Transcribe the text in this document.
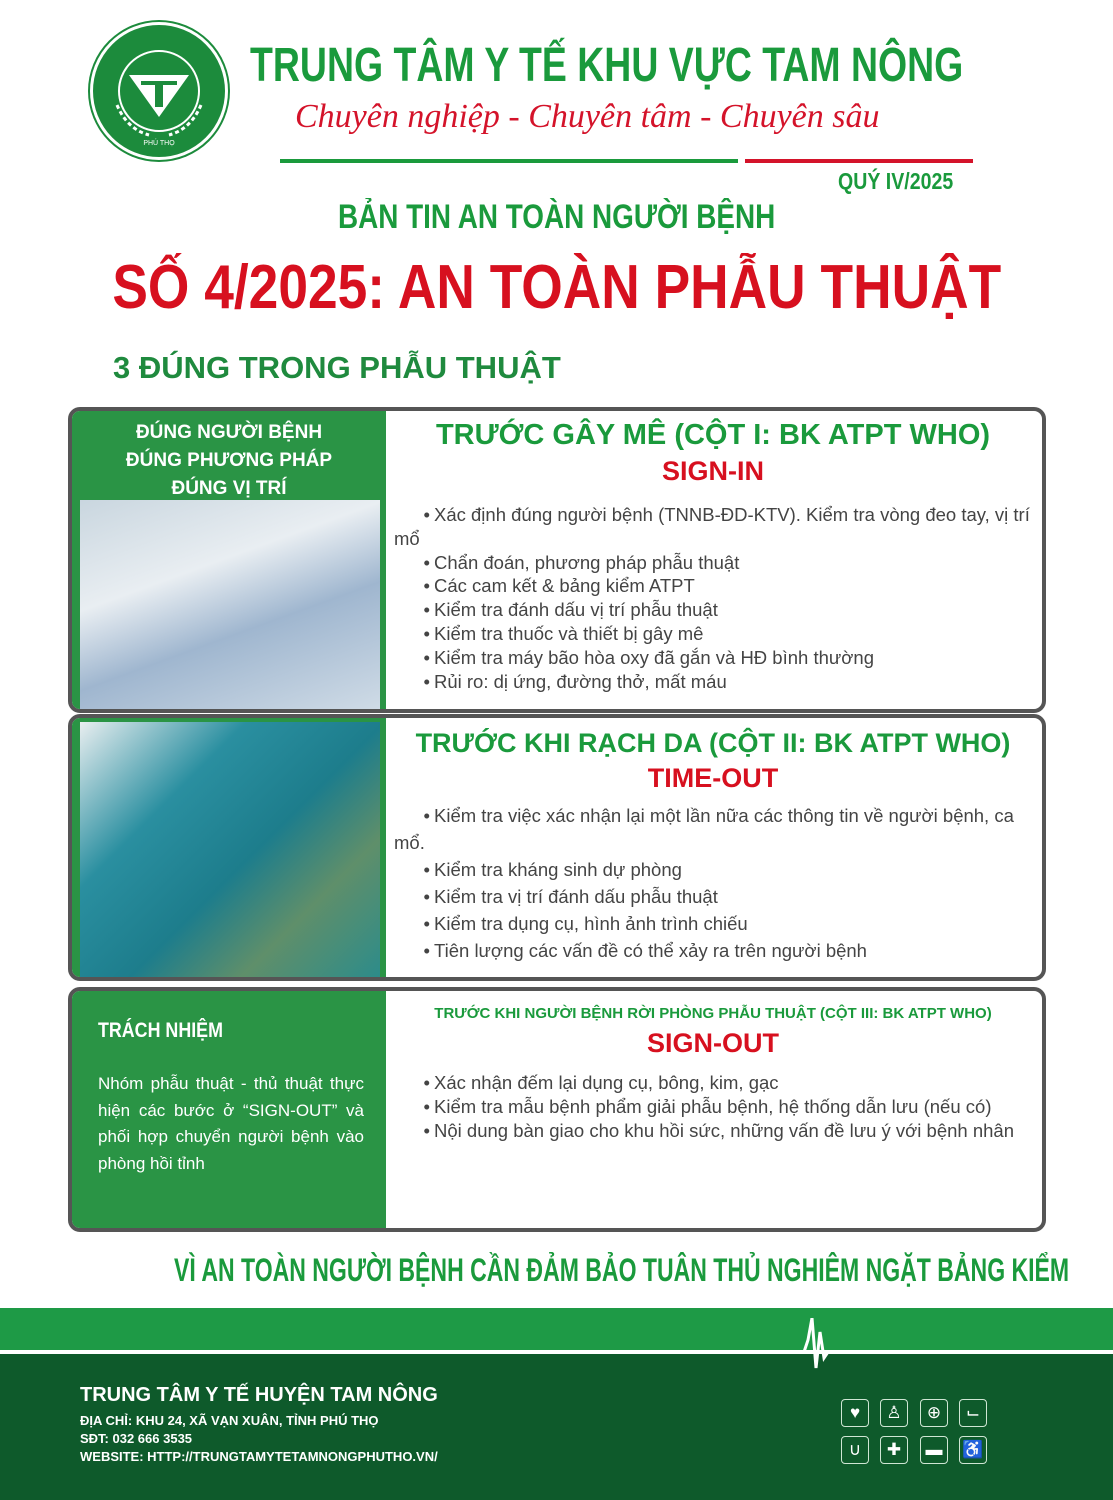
PHÚ THỌ
TRUNG TÂM Y TẾ KHU VỰC TAM NÔNG
Chuyên nghiệp - Chuyên tâm - Chuyên sâu
QUÝ IV/2025
BẢN TIN AN TOÀN NGƯỜI BỆNH
SỐ 4/2025: AN TOÀN PHẪU THUẬT
3 ĐÚNG TRONG PHẪU THUẬT
ĐÚNG NGƯỜI BỆNH
ĐÚNG PHƯƠNG PHÁP
ĐÚNG VỊ TRÍ
TRƯỚC GÂY MÊ (CỘT I: BK ATPT WHO)
SIGN-IN
• Xác định đúng người bệnh (TNNB-ĐD-KTV). Kiểm tra vòng đeo tay, vị trí mổ
• Chẩn đoán, phương pháp phẫu thuật
• Các cam kết & bảng kiểm ATPT
• Kiểm tra đánh dấu vị trí phẫu thuật
• Kiểm tra thuốc và thiết bị gây mê
• Kiểm tra máy bão hòa oxy đã gắn và HĐ bình thường
• Rủi ro: dị ứng, đường thở, mất máu
TRƯỚC KHI RẠCH DA (CỘT II: BK ATPT WHO)
TIME-OUT
• Kiểm tra việc xác nhận lại một lần nữa các thông tin về người bệnh, ca mổ.
• Kiểm tra kháng sinh dự phòng
• Kiểm tra vị trí đánh dấu phẫu thuật
• Kiểm tra dụng cụ, hình ảnh trình chiếu
• Tiên lượng các vấn đề có thể xảy ra trên người bệnh
TRÁCH NHIỆM
Nhóm phẫu thuật - thủ thuật thực hiện các bước ở “SIGN-OUT” và phối hợp chuyển người bệnh vào phòng hồi tỉnh
TRƯỚC KHI NGƯỜI BỆNH RỜI PHÒNG PHẪU THUẬT (CỘT III: BK ATPT WHO)
SIGN-OUT
• Xác nhận đếm lại dụng cụ, bông, kim, gạc
• Kiểm tra mẫu bệnh phẩm giải phẫu bệnh, hệ thống dẫn lưu (nếu có)
• Nội dung bàn giao cho khu hồi sức, những vấn đề lưu ý với bệnh nhân
VÌ AN TOÀN NGƯỜI BỆNH CẦN ĐẢM BẢO TUÂN THỦ NGHIÊM NGẶT BẢNG KIỂM
TRUNG TÂM Y TẾ HUYỆN TAM NÔNG
ĐỊA CHỈ: KHU 24, XÃ VẠN XUÂN, TỈNH PHÚ THỌ
SĐT: 032 666 3535
WEBSITE: HTTP://TRUNGTAMYTETAMNONGPHUTHO.VN/
♥	♙	⊕	⌙
∪	✚	▬	♿
